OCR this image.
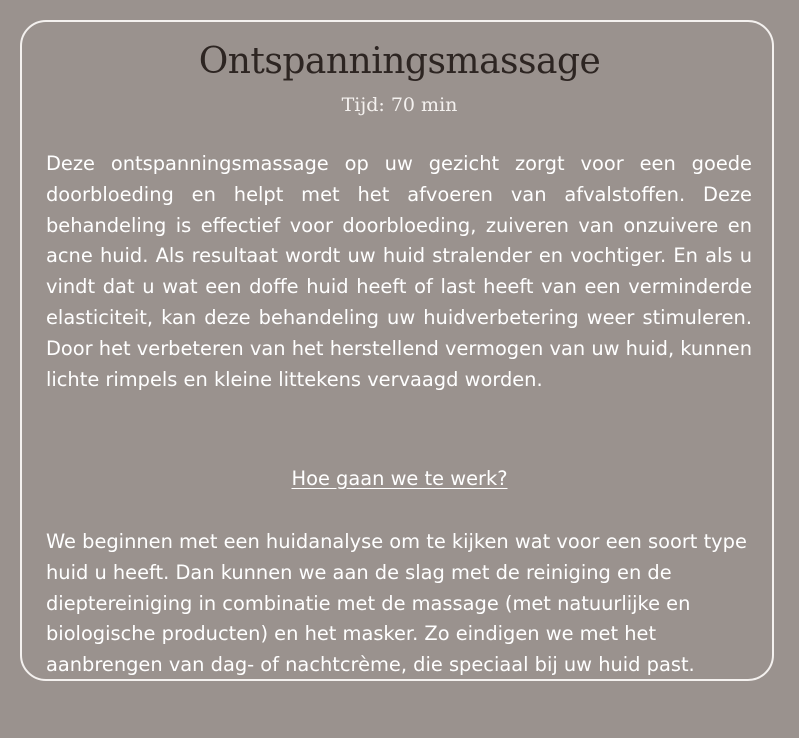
Ontspanningsmassage
Tijd: 70 min

Deze ontspanningsmassage op uw gezicht zorgt voor een goede doorbloeding en helpt met het afvoeren van afvalstoffen. Deze behandeling is effectief voor doorbloeding, zuiveren van onzuivere en acne huid. Als resultaat wordt uw huid stralender en vochtiger. En als u vindt dat u wat een doffe huid heeft of last heeft van een verminderde elasticiteit, kan deze behandeling uw huidverbetering weer stimuleren. Door het verbeteren van het herstellend vermogen van uw huid, kunnen lichte rimpels en kleine littekens vervaagd worden.

Hoe gaan we te werk?

We beginnen met een huidanalyse om te kijken wat voor een soort type huid u heeft. Dan kunnen we aan de slag met de reiniging en de dieptereiniging in combinatie met de massage (met natuurlijke en biologische producten) en het masker. Zo eindigen we met het aanbrengen van dag- of nachtcrème, die speciaal bij uw huid past.
